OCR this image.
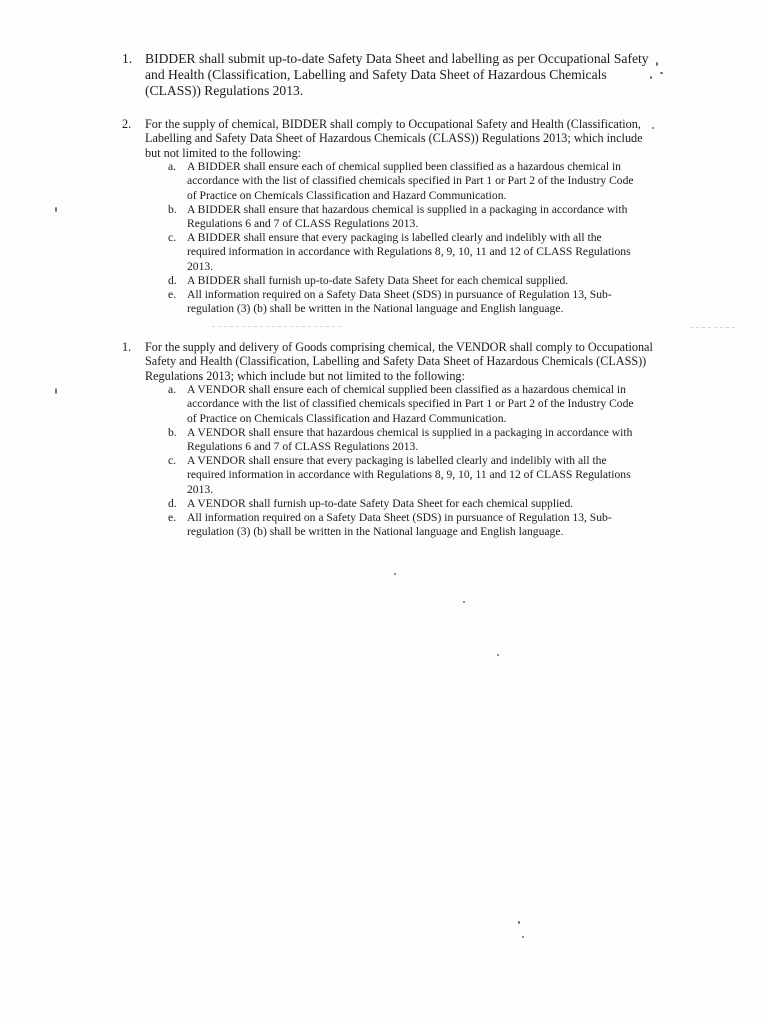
1. BIDDER shall submit up-to-date Safety Data Sheet and labelling as per Occupational Safety and Health (Classification, Labelling and Safety Data Sheet of Hazardous Chemicals (CLASS)) Regulations 2013.
2.	For the supply of chemical, BIDDER shall comply to Occupational Safety and Health (Classification, Labelling and Safety Data Sheet of Hazardous Chemicals (CLASS)) Regulations 2013; which include but not limited to the following:
a. A BIDDER shall ensure each of chemical supplied been classified as a hazardous chemical in accordance with the list of classified chemicals specified in Part 1 or Part 2 of the Industry Code of Practice on Chemicals Classification and Hazard Communication.
b. A BIDDER shall ensure that hazardous chemical is supplied in a packaging in accordance with Regulations 6 and 7 of CLASS Regulations 2013.
c. A BIDDER shall ensure that every packaging is labelled clearly and indelibly with all the required information in accordance with Regulations 8, 9, 10, 11 and 12 of CLASS Regulations 2013.
d. A BIDDER shall furnish up-to-date Safety Data Sheet for each chemical supplied.
e. All information required on a Safety Data Sheet (SDS) in pursuance of Regulation 13, Sub-regulation (3) (b) shall be written in the National language and English language.
1.	For the supply and delivery of Goods comprising chemical, the VENDOR shall comply to Occupational Safety and Health (Classification, Labelling and Safety Data Sheet of Hazardous Chemicals (CLASS)) Regulations 2013; which include but not limited to the following:
a. A VENDOR shall ensure each of chemical supplied been classified as a hazardous chemical in accordance with the list of classified chemicals specified in Part 1 or Part 2 of the Industry Code of Practice on Chemicals Classification and Hazard Communication.
b. A VENDOR shall ensure that hazardous chemical is supplied in a packaging in accordance with Regulations 6 and 7 of CLASS Regulations 2013.
c. A VENDOR shall ensure that every packaging is labelled clearly and indelibly with all the required information in accordance with Regulations 8, 9, 10, 11 and 12 of CLASS Regulations 2013.
d. A VENDOR shall furnish up-to-date Safety Data Sheet for each chemical supplied.
e. All information required on a Safety Data Sheet (SDS) in pursuance of Regulation 13, Sub-regulation (3) (b) shall be written in the National language and English language.
